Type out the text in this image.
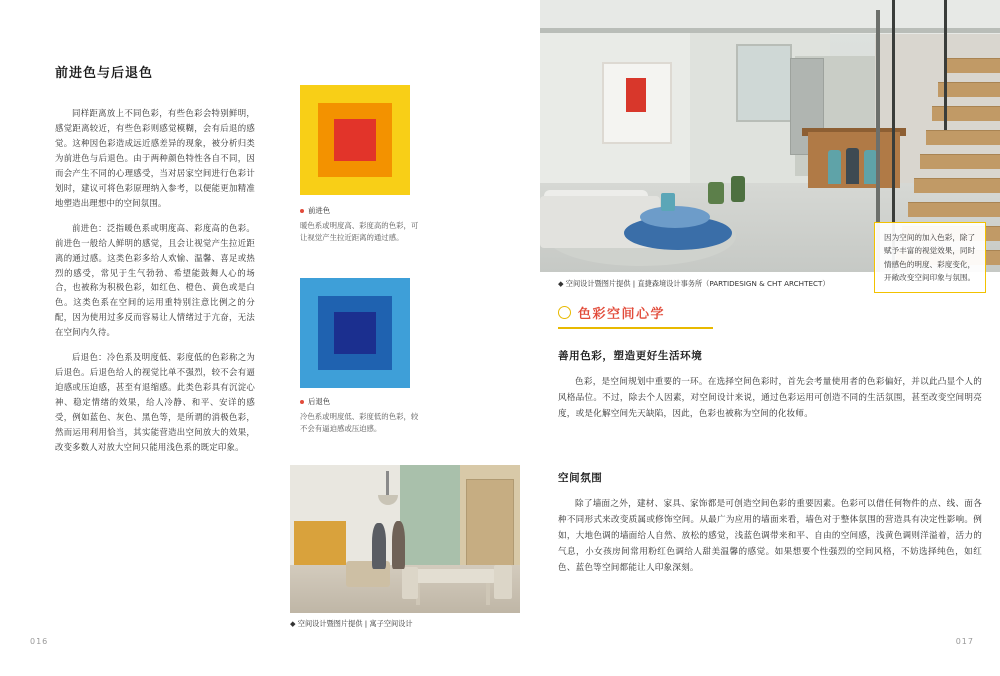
前进色与后退色

同样距离放上不同色彩，有些色彩会特别鲜明，感觉距离较近，有些色彩则感觉模糊，会有后退的感觉。这种因色彩造成远近感差异的现象，被分析归类为前进色与后退色。由于两种颜色特性各自不同，因而会产生不同的心理感受，当对居家空间进行色彩计划时，建议可将色彩原理纳入参考，以便能更加精准地塑造出理想中的空间氛围。

前进色：泛指暖色系或明度高、彩度高的色彩。前进色一般给人鲜明的感觉，且会让视觉产生拉近距离的通过感。这类色彩多给人欢愉、温馨、喜足或热烈的感受，常见于生气勃勃、希望能鼓舞人心的场合，也被称为积极色彩，如红色、橙色、黄色或是白色。这类色系在空间的运用重特别注意比例之的分配，因为使用过多反而容易让人情绪过于亢奋，无法在空间内久待。

后退色：冷色系及明度低、彩度低的色彩称之为后退色。后退色给人的视觉比单不强烈，较不会有逼迫感或压迫感，甚至有退缩感。此类色彩具有沉淀心神、稳定情绪的效果，给人冷静、和平、安详的感受，例如蓝色、灰色、黑色等，是所谓的消极色彩，然而运用利用恰当，其实能营造出空间放大的效果，改变多数人对放大空间只能用浅色系的既定印象。

前进色
暖色系或明度高、彩度高的色彩，可让视觉产生拉近距离的通过感。
后退色
冷色系或明度低、彩度低的色彩，较不会有逼迫感或压迫感。
◆ 空间设计暨图片提供 | 寓子空间设计
016
因为空间的加入色彩，除了赋予丰富的视觉效果，同时情感色的明度、彩度变化，开敞改变空间印象与氛围。
◆ 空间设计暨图片提供 | 直捷森境设计事务所（PARTIDESIGN & CHT ARCHTECT）
色彩空间心学
善用色彩，塑造更好生活环境
色彩，是空间规划中重要的一环。在选择空间色彩时，首先会考量使用者的色彩偏好，并以此凸显个人的风格品位。不过，除去个人因素，对空间设计来说，通过色彩运用可创造不同的生活氛围，甚至改变空间明亮度，或是化解空间先天缺陷，因此，色彩也被称为空间的化妆师。
空间氛围
除了墙面之外，建材、家具、家饰都是可创造空间色彩的重要因素。色彩可以借任何物件的点、线、面各种不同形式来改变质属或修饰空间。从最广为应用的墙面来看，墙色对于整体氛围的营造具有决定性影响。例如，大地色调的墙面给人自然、放松的感觉，浅蓝色调带来和平、自由的空间感，浅黄色调则洋溢着，活力的气息，小女孩房间常用粉红色调给人甜美温馨的感觉。如果想要个性强烈的空间风格，不妨选择纯色，如红色、蓝色等空间都能让人印象深刻。
017
